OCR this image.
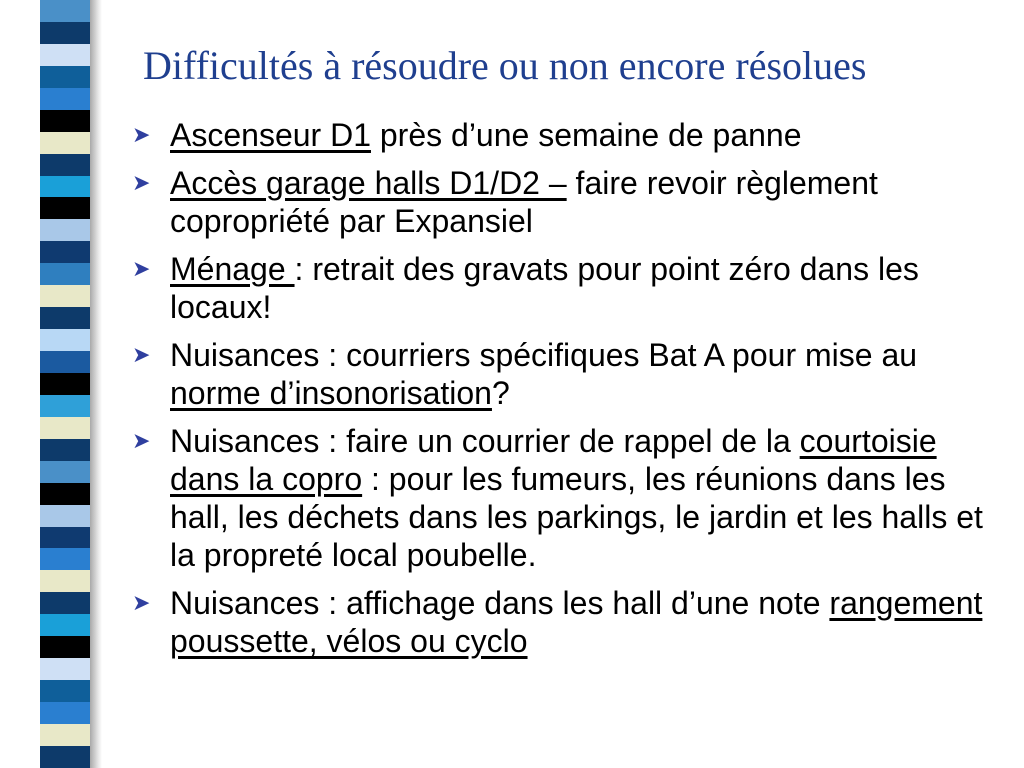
Difficultés à résoudre ou non encore résolues
➤ Ascenseur D1 près d’une semaine de panne
➤ Accès garage halls D1/D2 – faire revoir règlement copropriété par Expansiel
➤ Ménage : retrait des gravats pour point zéro dans les locaux!
➤ Nuisances : courriers spécifiques Bat A pour mise au norme d’insonorisation?
➤ Nuisances : faire un courrier de rappel de la courtoisie dans la copro : pour les fumeurs, les réunions dans les hall, les déchets dans les parkings, le jardin et les halls et la propreté local poubelle.
➤ Nuisances : affichage dans les hall d’une note rangement poussette, vélos ou cyclo
